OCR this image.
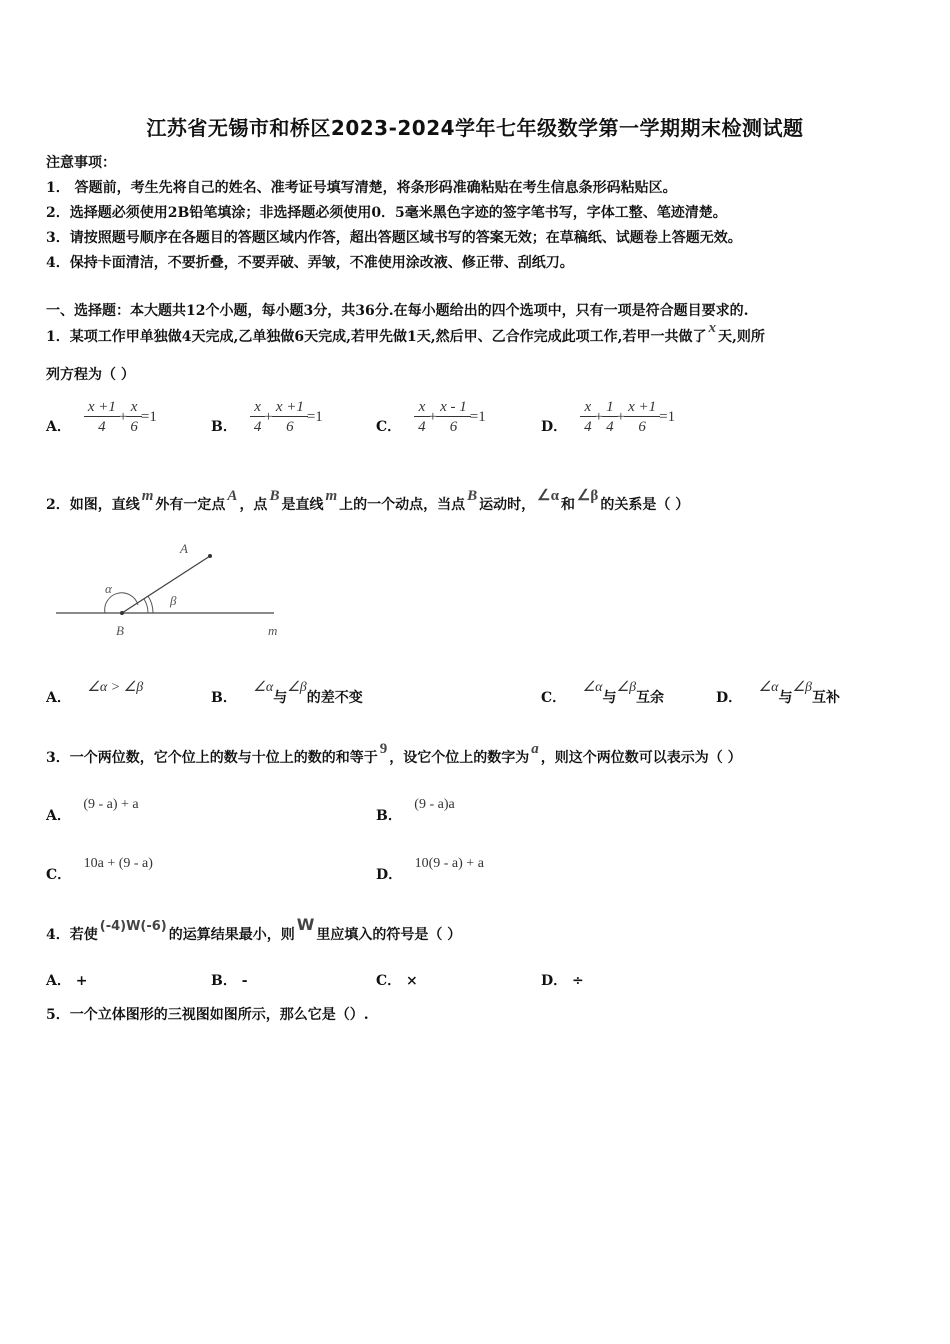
江苏省无锡市和桥区2023-2024学年七年级数学第一学期期末检测试题
注意事项：
1． 答题前，考生先将自己的姓名、准考证号填写清楚，将条形码准确粘贴在考生信息条形码粘贴区。
2．选择题必须使用2B铅笔填涂；非选择题必须使用0．5毫米黑色字迹的签字笔书写，字体工整、笔迹清楚。
3．请按照题号顺序在各题目的答题区域内作答，超出答题区域书写的答案无效；在草稿纸、试题卷上答题无效。
4．保持卡面清洁，不要折叠，不要弄破、弄皱，不准使用涂改液、修正带、刮纸刀。
一、选择题：本大题共12个小题，每小题3分，共36分.在每小题给出的四个选项中，只有一项是符合题目要求的.
1．某项工作甲单独做4天完成,乙单独做6天完成,若甲先做1天,然后甲、乙合作完成此项工作,若甲一共做了x天,则所
列方程为（ ）
A． $\frac{x +1}{4} + \frac{x}{6} =1$
B． $\frac{x}{4} + \frac{x +1}{6} =1$
C． $\frac{x}{4} + \frac{x - 1}{6} =1$
D． $\frac{x}{4} + \frac{1}{4} + \frac{x +1}{6} =1$
2．如图，直线m外有一定点A，点B是直线m上的一个动点，当点B运动时，∠α和∠β的关系是（ ）
A
α
β
B	m
A． ∠α > ∠β
B． ∠α与∠β的差不变	C． ∠α与∠β互余	D． ∠α与∠β互补
3．一个两位数，它个位上的数与十位上的数的和等于9，设它个位上的数字为a，则这个两位数可以表示为（ ）
A． (9 - a) + a
B． (9 - a)a
C． 10a + (9 - a)
D． 10(9 - a) + a
4．若使(-4)W(-6)的运算结果最小，则W里应填入的符号是（ ）
A． +	B． -	C． ×	D． ÷
5．一个立体图形的三视图如图所示，那么它是（）.
